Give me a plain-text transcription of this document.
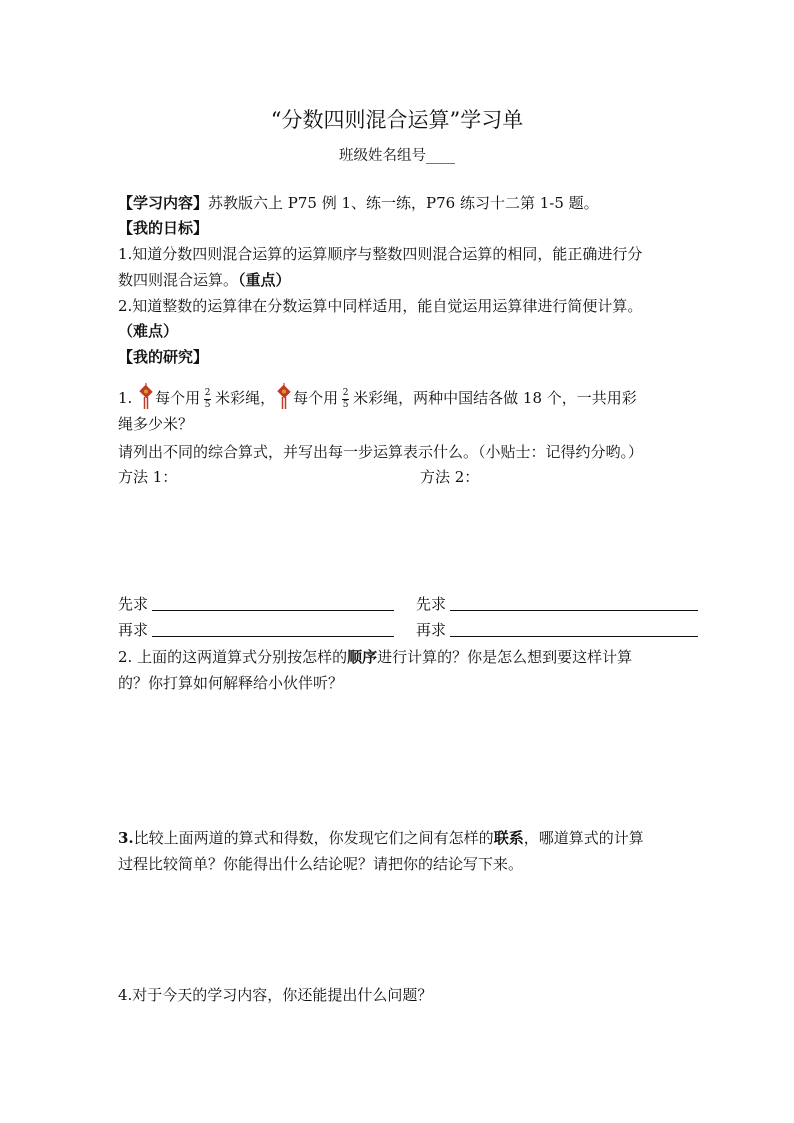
“分数四则混合运算”学习单
班级姓名组号____
【学习内容】苏教版六上 P75 例 1、练一练，P76 练习十二第 1-5 题。
【我的日标】
1.知道分数四则混合运算的运算顺序与整数四则混合运算的相同，能正确进行分
数四则混合运算。（重点）
2.知道整数的运算律在分数运算中同样适用，能自觉运用运算律进行简便计算。
（难点）
【我的研究】
1. 每个用 $\frac{2}{5}$ 米彩绳， 每个用 $\frac{2}{5}$ 米彩绳，两种中国结各做 18 个，一共用彩
绳多少米？
请列出不同的综合算式，并写出每一步运算表示什么。（小贴士：记得约分哟。）
方法 1：	方法 2：
先求	先求
再求	再求
2. 上面的这两道算式分别按怎样的顺序进行计算的？你是怎么想到要这样计算
的？你打算如何解释给小伙伴听？
3.比较上面两道的算式和得数，你发现它们之间有怎样的联系，哪道算式的计算
过程比较简单？你能得出什么结论呢？请把你的结论写下来。
4.对于今天的学习内容，你还能提出什么问题？
